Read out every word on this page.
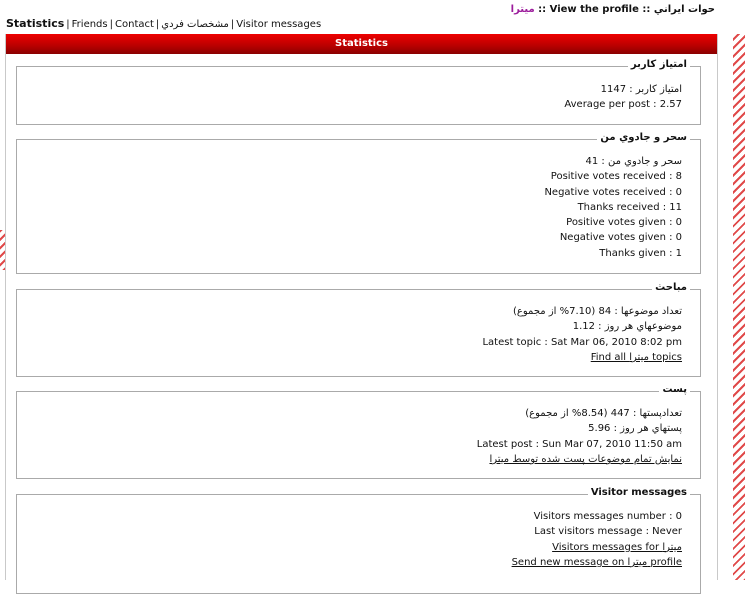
ميترا :: View the profile :: حوات ايراني
Statistics | Friends | Contact | مشخصات فردي | Visitor messages
Statistics
امتياز كاربر
امتياز كاربر : 1147
Average per post : 2.57
سحر و جادوي من
سحر و جادوي من : 41
Positive votes received : 8
Negative votes received : 0
Thanks received : 11
Positive votes given : 0
Negative votes given : 0
Thanks given : 1
مباحث
تعداد موضوعها : 84 (7.10% از مجموع)
موضوعهاي هر روز : 1.12
Latest topic : Sat Mar 06, 2010 8:02 pm
Find all ميترا topics
پست
تعدادپستها : 447 (8.54% از مجموع)
پستهاي هر روز : 5.96
Latest post : Sun Mar 07, 2010 11:50 am
نمايش تمام موضوعات پست شده توسط ميترا
Visitor messages
Visitors messages number : 0
Last visitors message : Never
Visitors messages for ميترا
Send new message on ميترا profile
